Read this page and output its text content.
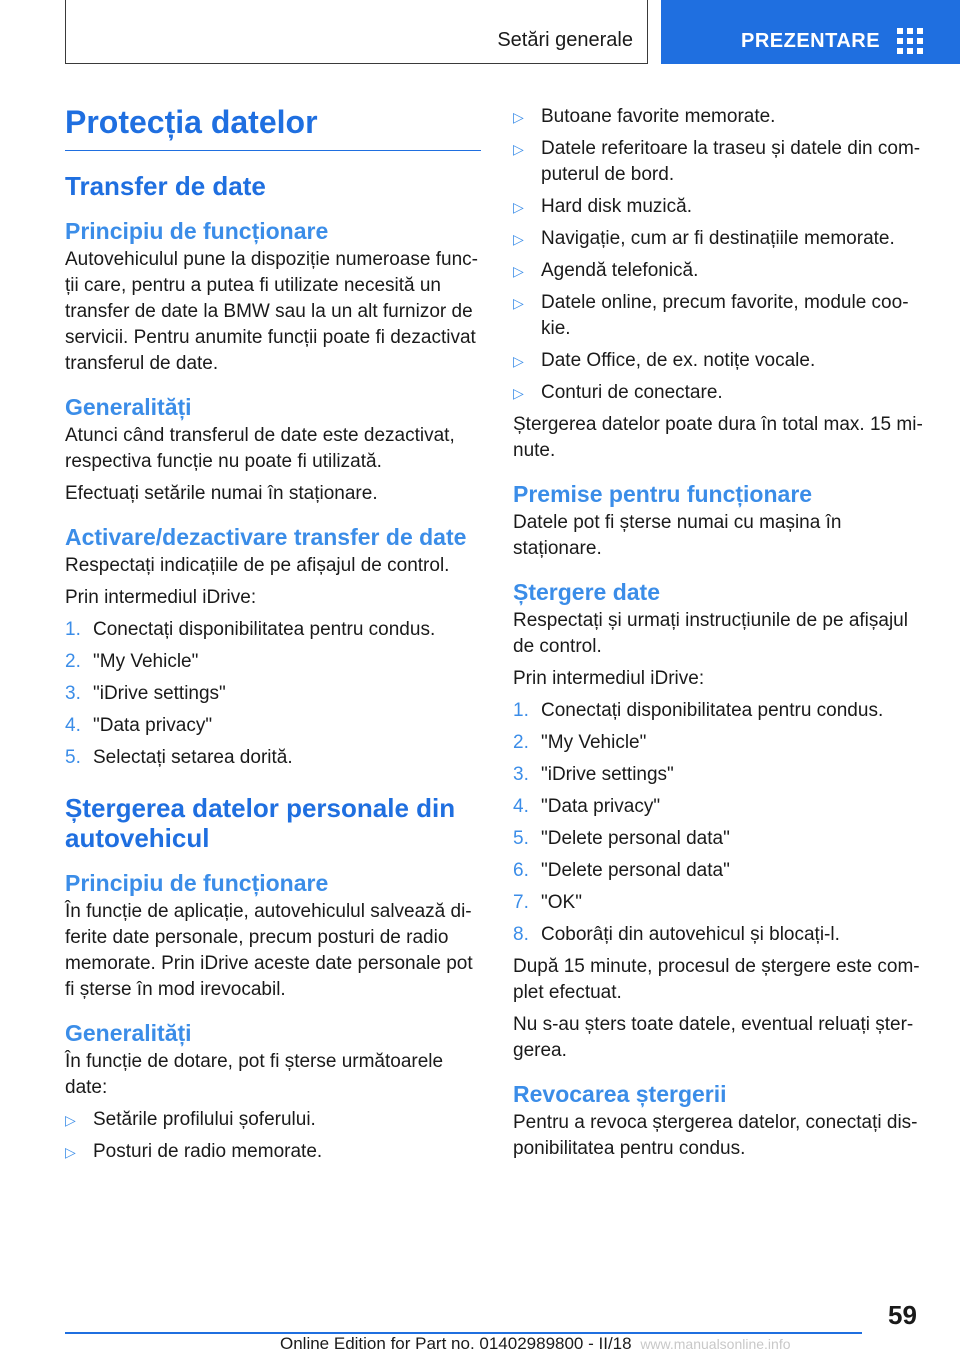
Setări generale	PREZENTARE
Protecția datelor
Transfer de date
Principiu de funcționare

Autovehiculul pune la dispoziție numeroase func‐ ții care, pentru a putea fi utilizate necesită un transfer de date la BMW sau la un alt furnizor de servicii. Pentru anumite funcții poate fi dezactivat transferul de date.

Generalități

Atunci când transferul de date este dezactivat, respectiva funcție nu poate fi utilizată.

Efectuați setările numai în staționare.

Activare/dezactivare transfer de date

Respectați indicațiile de pe afișajul de control.

Prin intermediul iDrive:

1. Conectați disponibilitatea pentru condus.
2. "My Vehicle"
3. "iDrive settings"
4. "Data privacy"
5. Selectați setarea dorită.
Ștergerea datelor personale din autovehicul
Principiu de funcționare

În funcție de aplicație, autovehiculul salvează di‐ ferite date personale, precum posturi de radio memorate. Prin iDrive aceste date personale pot fi șterse în mod irevocabil.

Generalități

În funcție de dotare, pot fi șterse următoarele date:

▷ Setările profilului șoferului.
▷ Posturi de radio memorate.
▷ Butoane favorite memorate.
▷ Datele referitoare la traseu și datele din com‐ puterul de bord.
▷ Hard disk muzică.
▷ Navigație, cum ar fi destinațiile memorate.
▷ Agendă telefonică.
▷ Datele online, precum favorite, module coo‐ kie.
▷ Date Office, de ex. notițe vocale.
▷ Conturi de conectare.

Ștergerea datelor poate dura în total max. 15 mi‐ nute.

Premise pentru funcționare

Datele pot fi șterse numai cu mașina în staționare.

Ștergere date

Respectați și urmați instrucțiunile de pe afișajul de control.

Prin intermediul iDrive:

1. Conectați disponibilitatea pentru condus.
2. "My Vehicle"
3. "iDrive settings"
4. "Data privacy"
5. "Delete personal data"
6. "Delete personal data"
7. "OK"
8. Coborâți din autovehicul și blocați-l.

După 15 minute, procesul de ștergere este com‐ plet efectuat.

Nu s-au șters toate datele, eventual reluați șter‐ gerea.

Revocarea ștergerii

Pentru a revoca ștergerea datelor, conectați dis‐ ponibilitatea pentru condus.

59
Online Edition for Part no. 01402989800 - II/18 www.manualsonline.info
